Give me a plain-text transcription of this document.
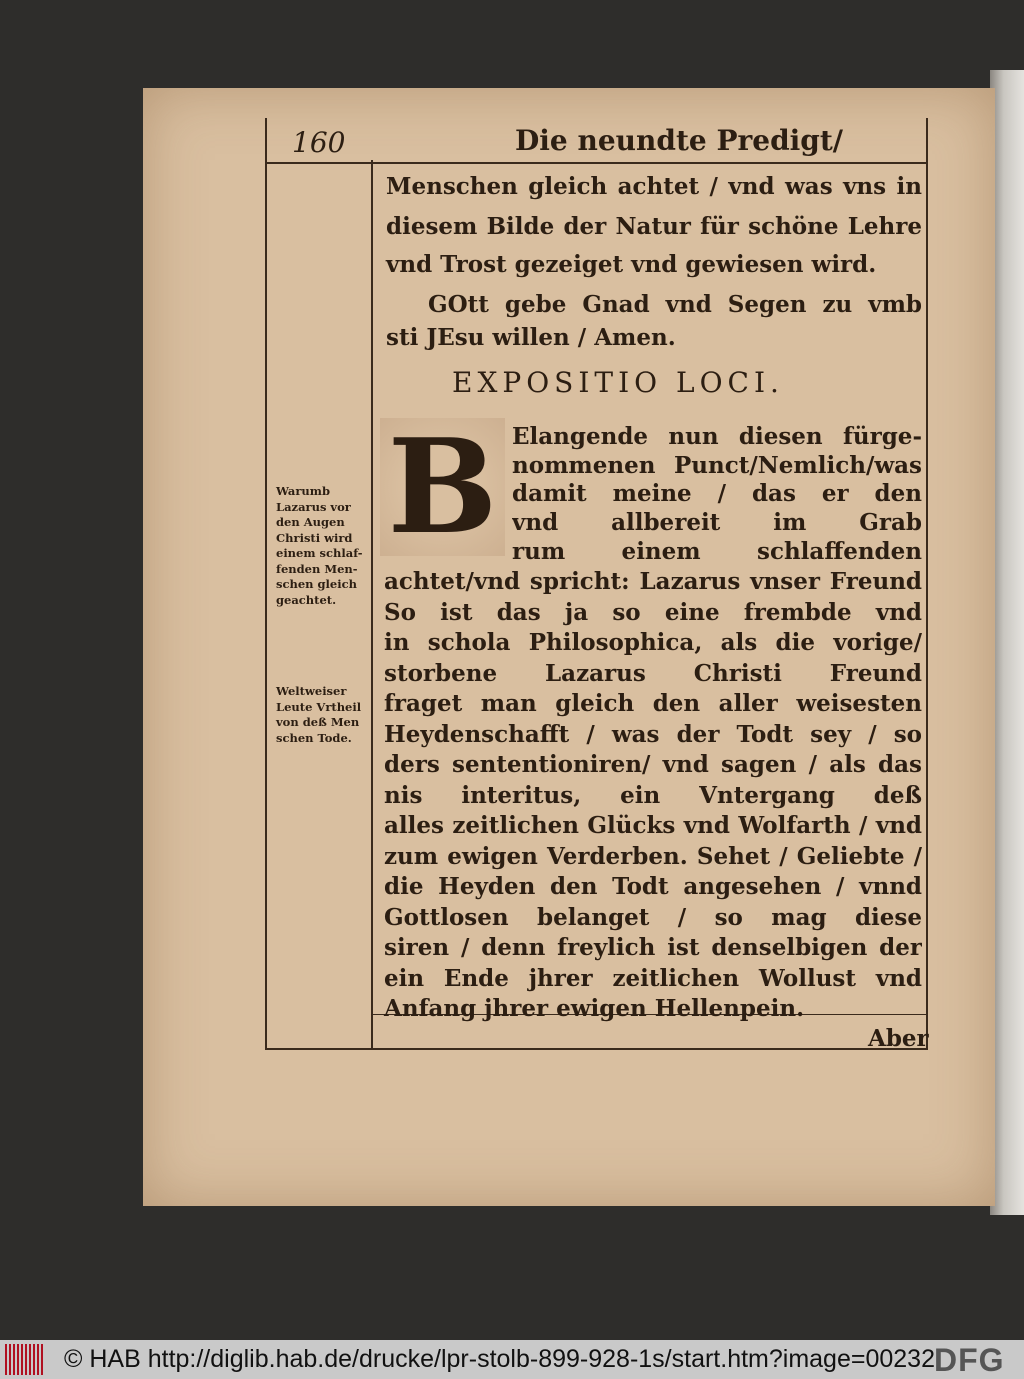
160	Die neundte Predigt/
Menschen gleich achtet / vnd was vns in
diesem Bilde der Natur für schöne Lehre
vnd Trost gezeiget vnd gewiesen wird.
GOtt gebe Gnad vnd Segen zu vmb
sti JEsu willen / Amen.
Elangende nun diesen fürge-
nommenen Punct/Nemlich/was
damit meine / das er den
vnd allbereit im Grab
rum einem schlaffenden
achtet/vnd spricht: Lazarus vnser Freund
So ist das ja so eine frembde vnd
in schola Philosophica, als die vorige/
storbene Lazarus Christi Freund
fraget man gleich den aller weisesten
Heydenschafft / was der Todt sey / so
ders sententioniren/ vnd sagen / als das
nis interitus, ein Vntergang deß
alles zeitlichen Glücks vnd Wolfarth / vnd
zum ewigen Verderben. Sehet / Geliebte /
die Heyden den Todt angesehen / vnnd
Gottlosen belanget / so mag diese
siren / denn freylich ist denselbigen der
ein Ende jhrer zeitlichen Wollust vnd
Anfang jhrer ewigen Hellenpein.
B
EXPOSITIO LOCI.
Aber
Warumb Lazarus vor den Augen Christi wird einem schlaf- fenden Men- schen gleich geachtet.
Weltweiser Leute Vrtheil von deß Men schen Tode.
© HAB http://diglib.hab.de/drucke/lpr-stolb-899-928-1s/start.htm?image=00232 DFG
